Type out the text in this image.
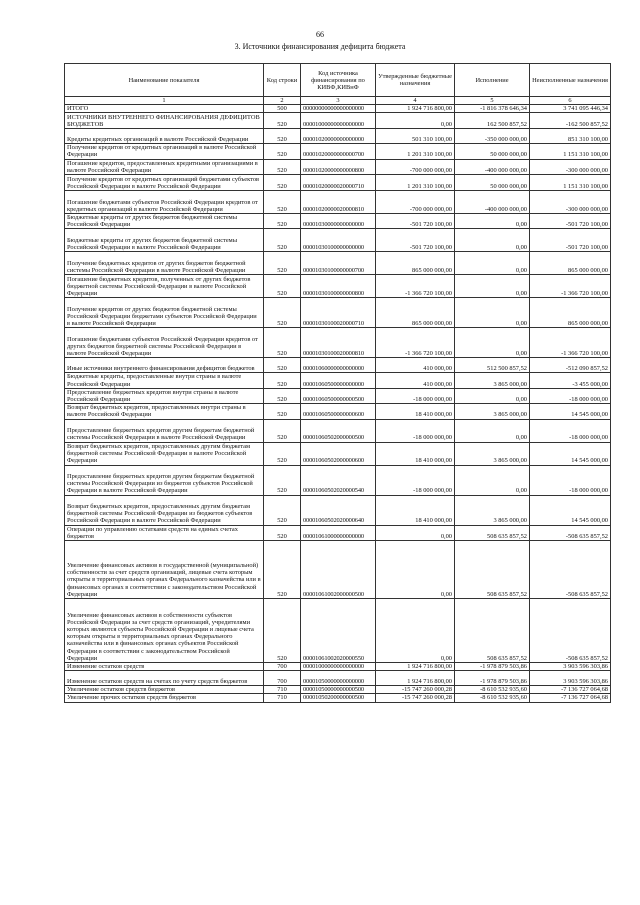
66
3. Источники финансирования дефицита бюджета
Наименование показателя	Код строки	Код источника финансирования по КИВФ,КИВнФ	Утвержденные бюджетные назначения	Исполнение	Неисполненные назначения
1	2	3	4	5	6
ИТОГО	500	00000000000000000000	1 924 716 800,00	-1 816 378 646,34	3 741 095 446,34
ИСТОЧНИКИ ВНУТРЕННЕГО ФИНАНСИРОВАНИЯ ДЕФИЦИТОВ БЮДЖЕТОВ	520	00001000000000000000	0,00	162 500 857,52	-162 500 857,52
Кредиты кредитных организаций в валюте Российской Федерации	520	00001020000000000000	501 310 100,00	-350 000 000,00	851 310 100,00
Получение кредитов от кредитных организаций в валюте Российской Федерации	520	00001020000000000700	1 201 310 100,00	50 000 000,00	1 151 310 100,00
Погашение кредитов, предоставленных кредитными организациями в валюте Российской Федерации	520	00001020000000000800	-700 000 000,00	-400 000 000,00	-300 000 000,00
Получение кредитов от кредитных организаций бюджетами субъектов Российской Федерации в валюте Российской Федерации	520	00001020000020000710	1 201 310 100,00	50 000 000,00	1 151 310 100,00
Погашение бюджетами субъектов Российской Федерации кредитов от кредитных организаций в валюте Российской Федерации	520	00001020000020000810	-700 000 000,00	-400 000 000,00	-300 000 000,00
Бюджетные кредиты от других бюджетов бюджетной системы Российской Федерации	520	00001030000000000000	-501 720 100,00	0,00	-501 720 100,00
Бюджетные кредиты от других бюджетов бюджетной системы Российской Федерации в валюте Российской Федерации	520	00001030100000000000	-501 720 100,00	0,00	-501 720 100,00
Получение бюджетных кредитов от других бюджетов бюджетной системы Российской Федерации в валюте Российской Федерации	520	00001030100000000700	865 000 000,00	0,00	865 000 000,00
Погашение бюджетных кредитов, полученных от других бюджетов бюджетной системы Российской Федерации в валюте Российской Федерации	520	00001030100000000800	-1 366 720 100,00	0,00	-1 366 720 100,00
Получение кредитов от других бюджетов бюджетной системы Российской Федерации бюджетами субъектов Российской Федерации в валюте Российской Федерации	520	00001030100020000710	865 000 000,00	0,00	865 000 000,00
Погашение бюджетами субъектов Российской Федерации кредитов от других бюджетов бюджетной системы Российской Федерации в валюте Российской Федерации	520	00001030100020000810	-1 366 720 100,00	0,00	-1 366 720 100,00
Иные источники внутреннего финансирования дефицитов бюджетов	520	00001060000000000000	410 000,00	512 500 857,52	-512 090 857,52
Бюджетные кредиты, предоставленные внутри страны в валюте Российской Федерации	520	00001060500000000000	410 000,00	3 865 000,00	-3 455 000,00
Предоставление бюджетных кредитов внутри страны в валюте Российской Федерации	520	00001060500000000500	-18 000 000,00	0,00	-18 000 000,00
Возврат бюджетных кредитов, предоставленных внутри страны в валюте Российской Федерации	520	00001060500000000600	18 410 000,00	3 865 000,00	14 545 000,00
Предоставление бюджетных кредитов другим бюджетам бюджетной системы Российской Федерации в валюте Российской Федерации	520	00001060502000000500	-18 000 000,00	0,00	-18 000 000,00
Возврат бюджетных кредитов, предоставленных другим бюджетам бюджетной системы Российской Федерации в валюте Российской Федерации	520	00001060502000000600	18 410 000,00	3 865 000,00	14 545 000,00
Предоставление бюджетных кредитов другим бюджетам бюджетной системы Российской Федерации из бюджетов субъектов Российской Федерации в валюте Российской Федерации	520	00001060502020000540	-18 000 000,00	0,00	-18 000 000,00
Возврат бюджетных кредитов, предоставленных другим бюджетам бюджетной системы Российской Федерации из бюджетов субъектов Российской Федерации в валюте Российской Федерации	520	00001060502020000640	18 410 000,00	3 865 000,00	14 545 000,00
Операции по управлению остатками средств на единых счетах бюджетов	520	00001061000000000000	0,00	508 635 857,52	-508 635 857,52
Увеличение финансовых активов в государственной (муниципальной) собственности за счет средств организаций, лицевые счета которым открыты в территориальных органах Федерального казначейства или в финансовых органах в соответствии с законодательством Российской Федерации	520	00001061002000000500	0,00	508 635 857,52	-508 635 857,52
Увеличение финансовых активов в собственности субъектов Российской Федерации за счет средств организаций, учредителями которых являются субъекты Российской Федерации и лицевые счета которым открыты в территориальных органах Федерального казначейства или в финансовых органах субъектов Российской Федерации в соответствии с законодательством Российской Федерации	520	00001061002020000550	0,00	508 635 857,52	-508 635 857,52
Изменение остатков средств	700	00001000000000000000	1 924 716 800,00	-1 978 879 503,86	3 903 596 303,86
Изменение остатков средств на счетах по учету средств бюджетов	700	00001050000000000000	1 924 716 800,00	-1 978 879 503,86	3 903 596 303,86
Увеличение остатков средств бюджетов	710	00001050000000000500	-15 747 260 000,28	-8 610 532 935,60	-7 136 727 064,68
Увеличение прочих остатков средств бюджетов	710	00001050200000000500	-15 747 260 000,28	-8 610 532 935,60	-7 136 727 064,68
